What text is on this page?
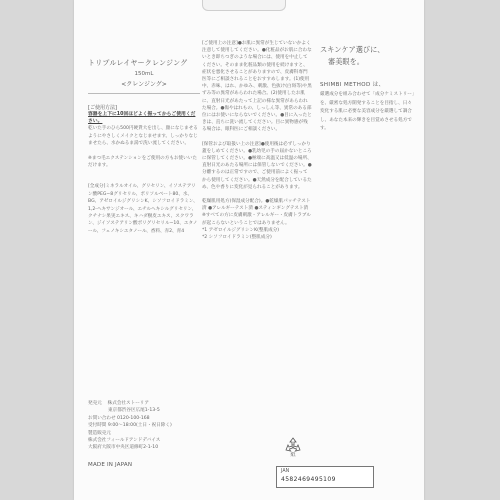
トリプルレイヤークレンジング
150mL
<クレンジング>
[ご使用方法]
容器を上下に10回ほどよく振ってからご使用ください。
乾いた手のひら500円硬貨大を出し、顔になじませるようにやさしくメイクとなじませます。しっかりなじませたら、水かぬるま湯で洗い流してください。
※まつ毛エクステンションをご使用の方もお使いいただけます。
[全成分]ミネラルオイル、グリセリン、イソステアリン酸PEG−8グリセリル、ポリソルベート80、水、BG、アゼロイルジグリシンK、シソフロイドラミン、1,2-ヘキサンジオール、エチルヘキシルグリセリン、クチナシ果実エキス、キハダ樹皮エキス、スクワラン、ジイソステアリン酸ポリグリセリル−10、エタノール、フェノキシエタノール、香料、赤2、青4
[ご使用上の注意]●お肌に異常が生じていないかよく注意して使用してください。●化粧品がお肌に合わないとき即ちつぎのような場合には、使用を中止してください。そのまま化粧品類の使用を続けますと、症状を悪化させることがありますので、皮膚科専門医等にご相談されることをおすすめします。(1)使用中、赤味、はれ、かゆみ、刺激、色抜け(白斑等)や黒ずみ等の異常があらわれた場合。(2)使用したお肌に、直射日光があたって上記の様な異常があらわれた場合。●傷やはれもの、しっしん等、異常のある部位にはお使いにならないでください。●目に入ったときは、直ちに洗い流してください。目に異物感が残る場合は、眼科医にご相談ください。
[保管および取扱い上の注意]●使用後は必ずしっかり蓋をしめてください。●乳幼児の手の届かないところに保管してください。●極端に高温又は低温の場所、直射日光のあたる場所には保管しないでください。●分離するのは正常ですので、ご使用前によく振ってから使用してください。●天然成分を配合しているため、色や香りに変化が見られることがあります。
乾燥肌用処方(保湿成分配合)。●乾燥肌パッチテスト済 ●アレルギーテスト済 ●スティンギングテスト済 ※すべての方に皮膚刺激・アレルギー・皮膚トラブルが起こらないということではありません。
*1 アゼロイルジグリシンK(整肌成分)
*2 シソフロイドラミン(整肌成分)
スキンケア選びに、
審美眼を。
SHIMBI METHOD は、
厳選成分を組み合わせて「成分ケミストリー」を、厳密な処方開発することを目指し、日々変化する肌に必要な美容成分を厳選して調合し、あなた本来の輝きを目覚めさせる処方です。
発売元 株式会社ストーリア
東京都渋谷区広尾1-13-5
お問い合わせ 0120-100-168
受付時間 9:00〜18:00(土日・祝日除く)
製造販売元
株式会社フィールドアンドデバイス
大阪府大阪市中央区道修町2-1-10
MADE IN JAPAN
紙
JAN
4582469495109
